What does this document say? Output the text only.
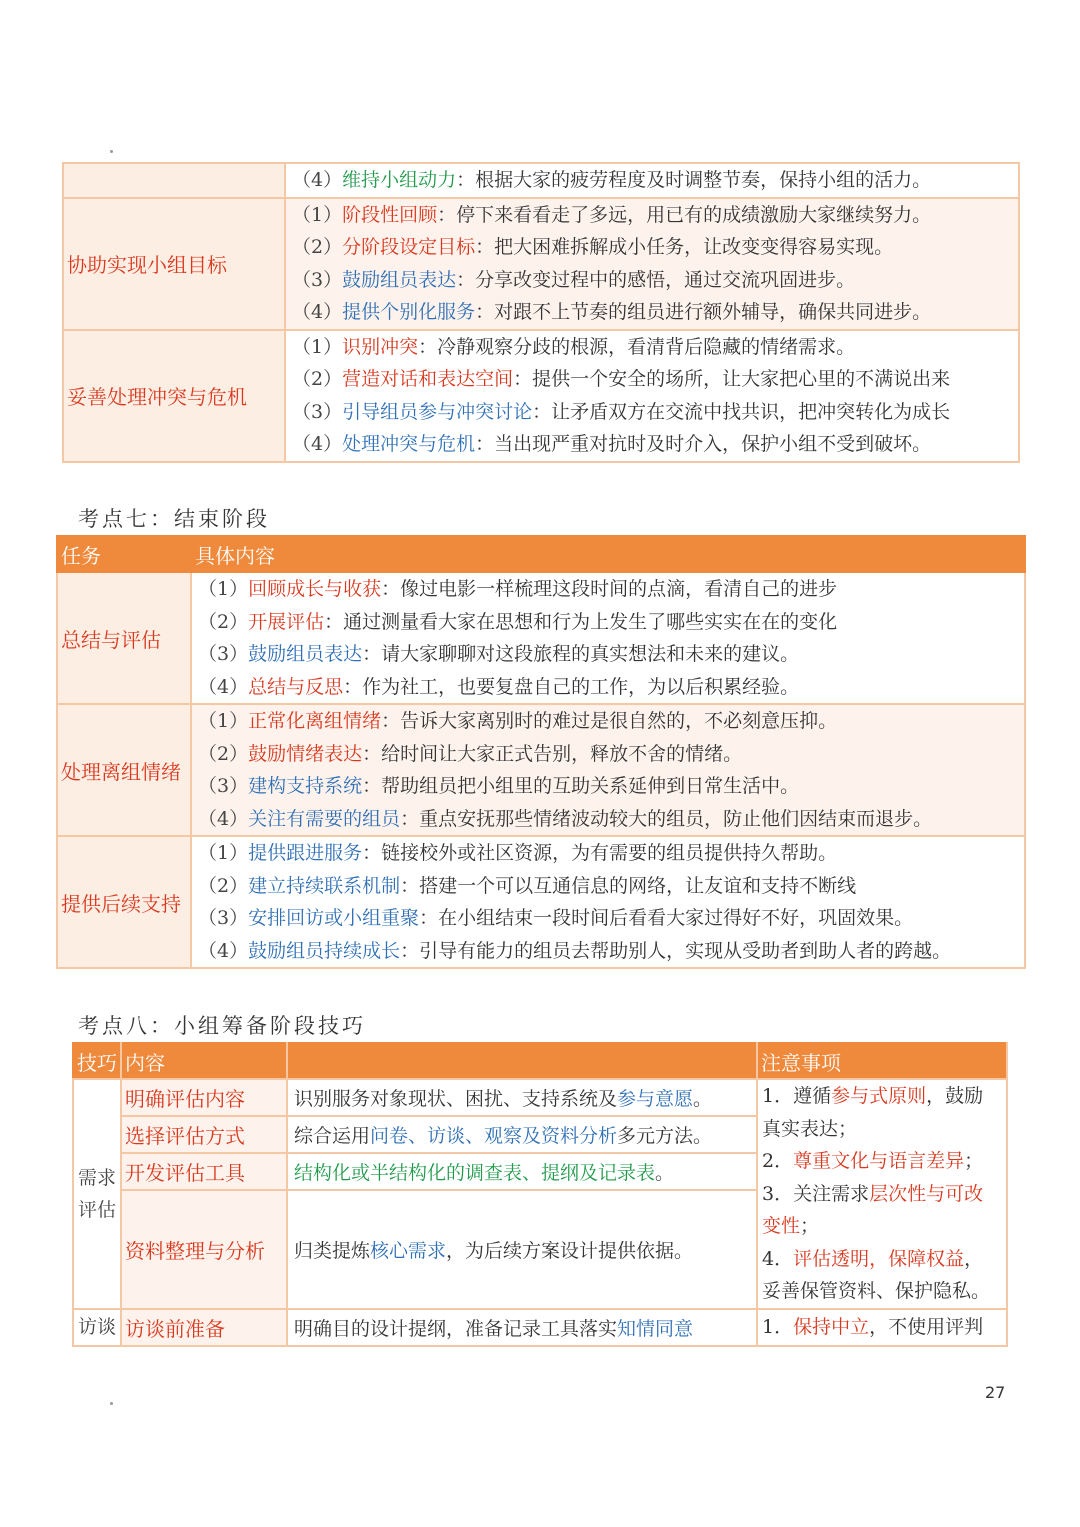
	（4）维持小组动力：根据大家的疲劳程度及时调整节奏，保持小组的活力。

协助实现小组目标	（1）阶段性回顾：停下来看看走了多远，用已有的成绩激励大家继续努力。
（2）分阶段设定目标：把大困难拆解成小任务，让改变变得容易实现。
（3）鼓励组员表达：分享改变过程中的感悟，通过交流巩固进步。
（4）提供个别化服务：对跟不上节奏的组员进行额外辅导，确保共同进步。

妥善处理冲突与危机	（1）识别冲突：冷静观察分歧的根源，看清背后隐藏的情绪需求。
（2）营造对话和表达空间：提供一个安全的场所，让大家把心里的不满说出来
（3）引导组员参与冲突讨论：让矛盾双方在交流中找共识，把冲突转化为成长
（4）处理冲突与危机：当出现严重对抗时及时介入，保护小组不受到破坏。
考点七：结束阶段
任务	具体内容
总结与评估	（1）回顾成长与收获：像过电影一样梳理这段时间的点滴，看清自己的进步
（2）开展评估：通过测量看大家在思想和行为上发生了哪些实实在在的变化
（3）鼓励组员表达：请大家聊聊对这段旅程的真实想法和未来的建议。
（4）总结与反思：作为社工，也要复盘自己的工作，为以后积累经验。

处理离组情绪	（1）正常化离组情绪：告诉大家离别时的难过是很自然的，不必刻意压抑。
（2）鼓励情绪表达：给时间让大家正式告别，释放不舍的情绪。
（3）建构支持系统：帮助组员把小组里的互助关系延伸到日常生活中。
（4）关注有需要的组员：重点安抚那些情绪波动较大的组员，防止他们因结束而退步。

提供后续支持	（1）提供跟进服务：链接校外或社区资源，为有需要的组员提供持久帮助。
（2）建立持续联系机制：搭建一个可以互通信息的网络，让友谊和支持不断线
（3）安排回访或小组重聚：在小组结束一段时间后看看大家过得好不好，巩固效果。
（4）鼓励组员持续成长：引导有能力的组员去帮助别人，实现从受助者到助人者的跨越。
考点八：小组筹备阶段技巧
技巧	内容		注意事项
需求评估	明确评估内容	识别服务对象现状、困扰、支持系统及参与意愿。	1．遵循参与式原则，鼓励真实表达；
2．尊重文化与语言差异；
3．关注需求层次性与可改变性；
4．评估透明，保障权益，妥善保管资料、保护隐私。

	选择评估方式	综合运用问卷、访谈、观察及资料分析多元方法。	
	开发评估工具	结构化或半结构化的调查表、提纲及记录表。	
	资料整理与分析	归类提炼核心需求，为后续方案设计提供依据。	
访谈	访谈前准备	明确目的设计提纲，准备记录工具落实知情同意	1．保持中立，不使用评判
27
